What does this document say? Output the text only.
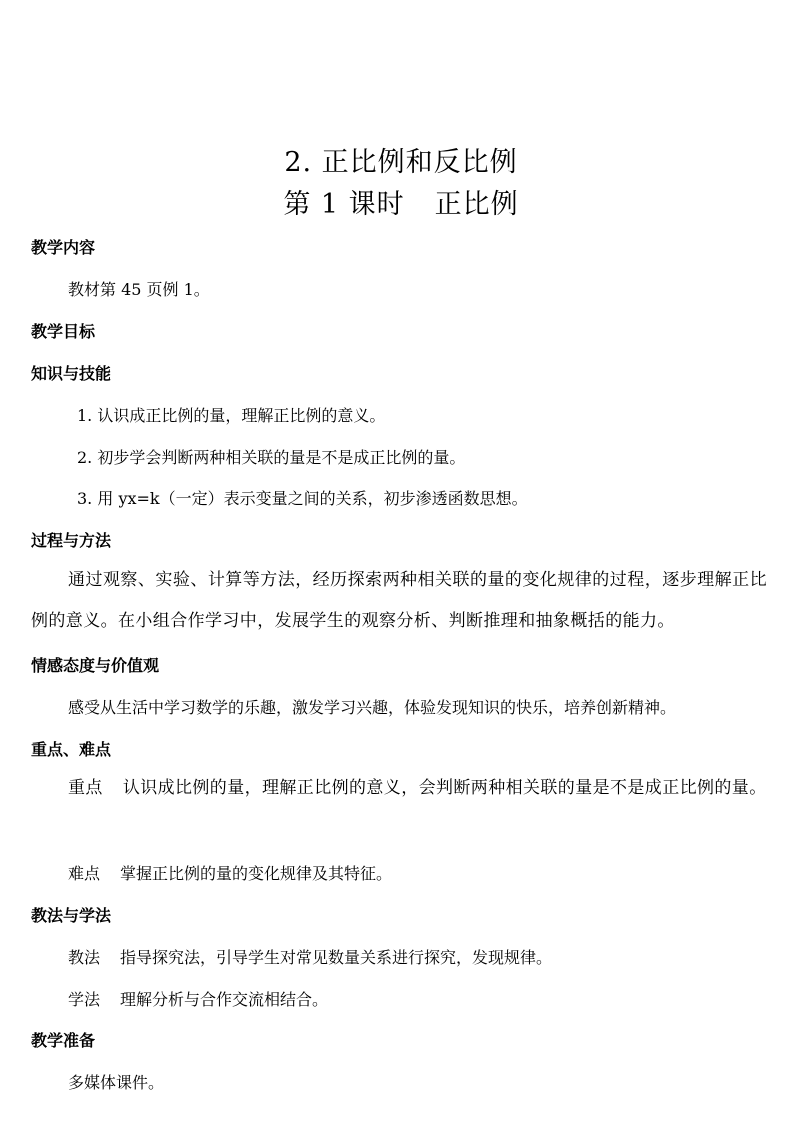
2. 正比例和反比例
第 1 课时 正比例
教学内容
教材第 45 页例 1。
教学目标
知识与技能
1. 认识成正比例的量，理解正比例的意义。
2. 初步学会判断两种相关联的量是不是成正比例的量。
3. 用 yx=k（一定）表示变量之间的关系，初步渗透函数思想。
过程与方法
通过观察、实验、计算等方法，经历探索两种相关联的量的变化规律的过程，逐步理解正比例的意义。在小组合作学习中，发展学生的观察分析、判断推理和抽象概括的能力。
情感态度与价值观
感受从生活中学习数学的乐趣，激发学习兴趣，体验发现知识的快乐，培养创新精神。
重点、难点
重点 认识成比例的量，理解正比例的意义，会判断两种相关联的量是不是成正比例的量。
难点 掌握正比例的量的变化规律及其特征。
教法与学法
教法 指导探究法，引导学生对常见数量关系进行探究，发现规律。
学法 理解分析与合作交流相结合。
教学准备
多媒体课件。
